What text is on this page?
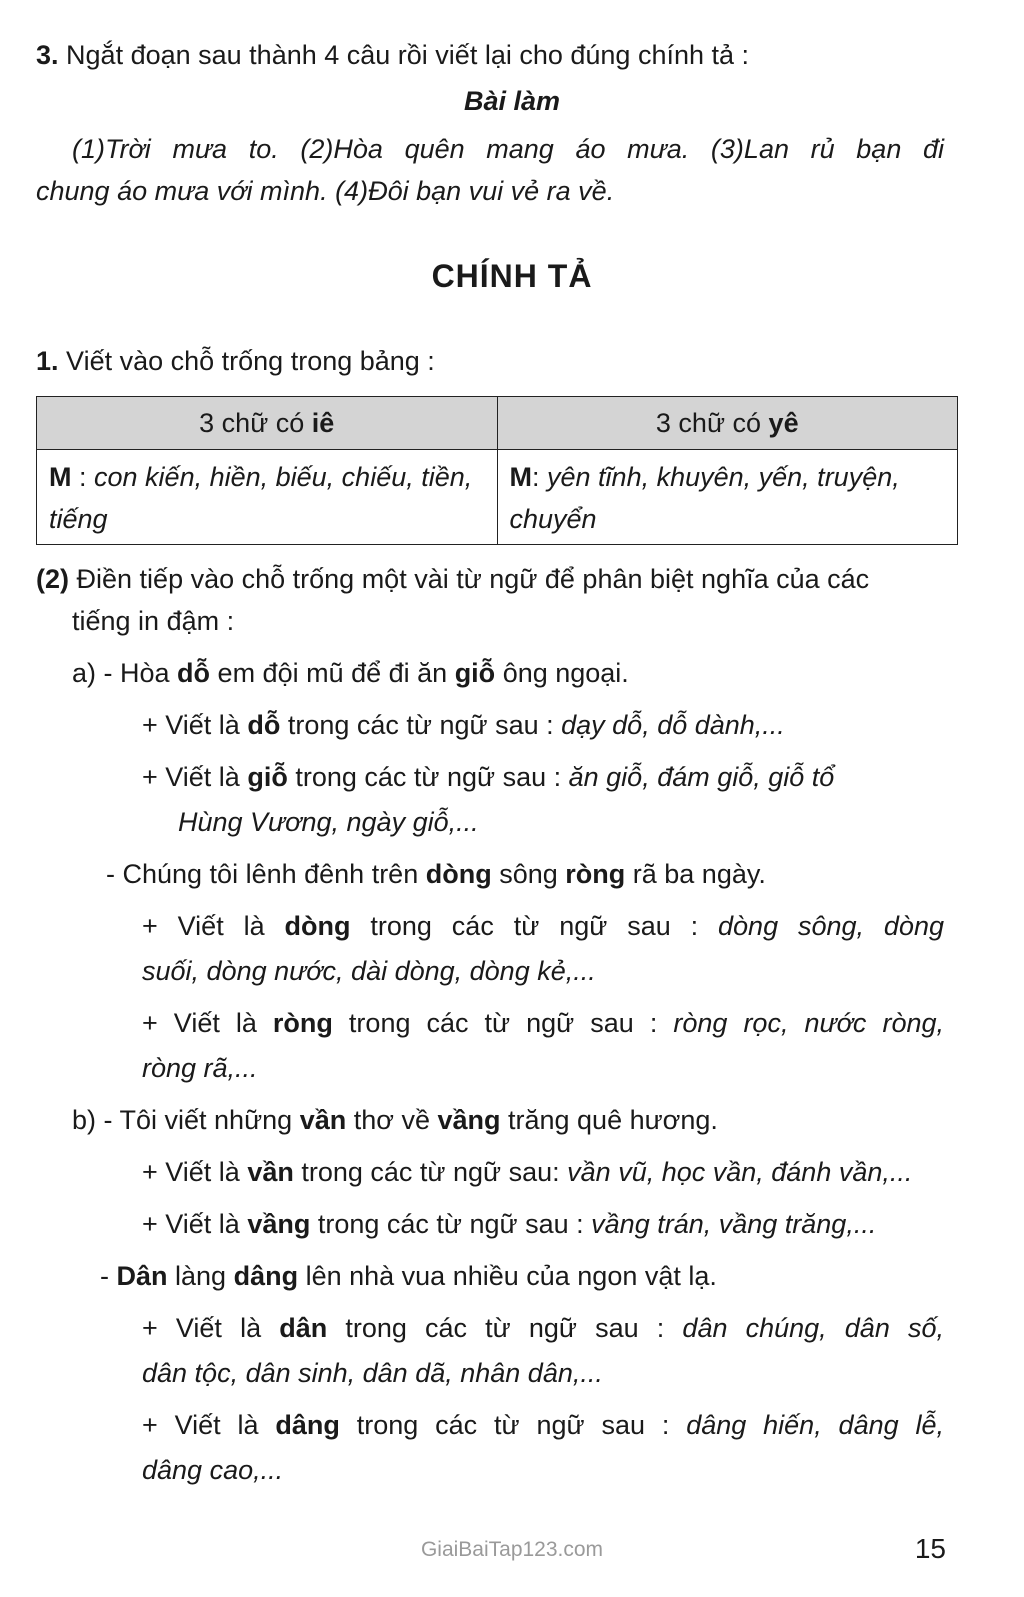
3. Ngắt đoạn sau thành 4 câu rồi viết lại cho đúng chính tả :
Bài làm
(1)Trời mưa to. (2)Hòa quên mang áo mưa. (3)Lan rủ bạn đi
chung áo mưa với mình. (4)Đôi bạn vui vẻ ra về.
CHÍNH TẢ
1. Viết vào chỗ trống trong bảng :
3 chữ có iê	3 chữ có yê
M : con kiến, hiền, biếu, chiếu, tiền, tiếng	M: yên tĩnh, khuyên, yến, truyện, chuyển
(2) Điền tiếp vào chỗ trống một vài từ ngữ để phân biệt nghĩa của các
tiếng in đậm :
a) - Hòa dỗ em đội mũ để đi ăn giỗ ông ngoại.
+ Viết là dỗ trong các từ ngữ sau : dạy dỗ, dỗ dành,...
+ Viết là giỗ trong các từ ngữ sau : ăn giỗ, đám giỗ, giỗ tổ
Hùng Vương, ngày giỗ,...
- Chúng tôi lênh đênh trên dòng sông ròng rã ba ngày.
+ Viết là dòng trong các từ ngữ sau : dòng sông, dòng
suối, dòng nước, dài dòng, dòng kẻ,...
+ Viết là ròng trong các từ ngữ sau : ròng rọc, nước ròng,
ròng rã,...
b) - Tôi viết những vần thơ về vầng trăng quê hương.
+ Viết là vần trong các từ ngữ sau: vần vũ, học vần, đánh vần,...
+ Viết là vầng trong các từ ngữ sau : vầng trán, vầng trăng,...
- Dân làng dâng lên nhà vua nhiều của ngon vật lạ.
+ Viết là dân trong các từ ngữ sau : dân chúng, dân số,
dân tộc, dân sinh, dân dã, nhân dân,...
+ Viết là dâng trong các từ ngữ sau : dâng hiến, dâng lễ,
dâng cao,...
15
GiaiBaiTap123.com
